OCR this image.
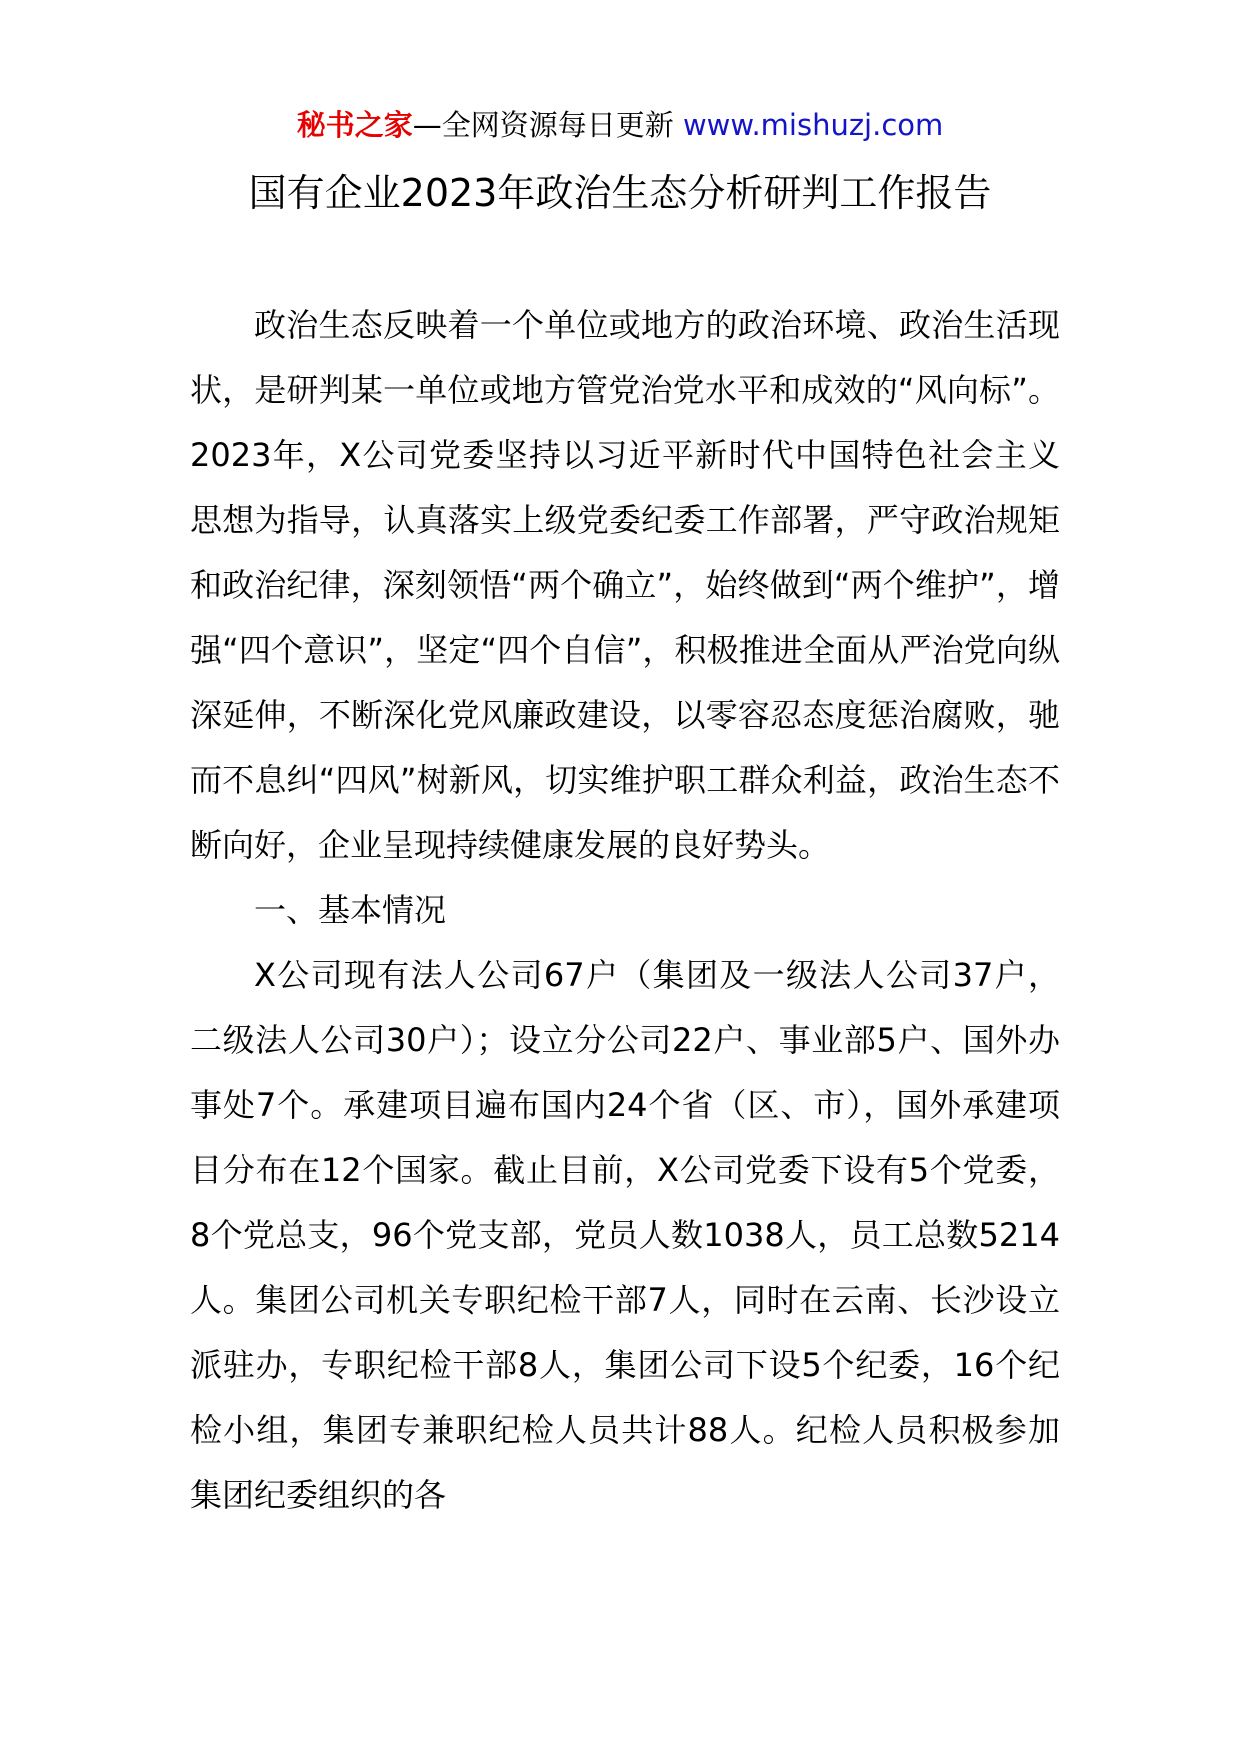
秘书之家—全网资源每日更新 www.mishuzj.com
国有企业2023年政治生态分析研判工作报告

政治生态反映着一个单位或地方的政治环境、政治生活现状，是研判某一单位或地方管党治党水平和成效的“风向标”。2023年，X公司党委坚持以习近平新时代中国特色社会主义思想为指导，认真落实上级党委纪委工作部署，严守政治规矩和政治纪律，深刻领悟“两个确立”，始终做到“两个维护”，增强“四个意识”，坚定“四个自信”，积极推进全面从严治党向纵深延伸，不断深化党风廉政建设，以零容忍态度惩治腐败，驰而不息纠“四风”树新风，切实维护职工群众利益，政治生态不断向好，企业呈现持续健康发展的良好势头。

一、基本情况

X公司现有法人公司67户（集团及一级法人公司37户，二级法人公司30户）；设立分公司22户、事业部5户、国外办事处7个。承建项目遍布国内24个省（区、市），国外承建项目分布在12个国家。截止目前，X公司党委下设有5个党委，8个党总支，96个党支部，党员人数1038人，员工总数5214人。集团公司机关专职纪检干部7人，同时在云南、长沙设立派驻办，专职纪检干部8人，集团公司下设5个纪委，16个纪检小组，集团专兼职纪检人员共计88人。纪检人员积极参加集团纪委组织的各
